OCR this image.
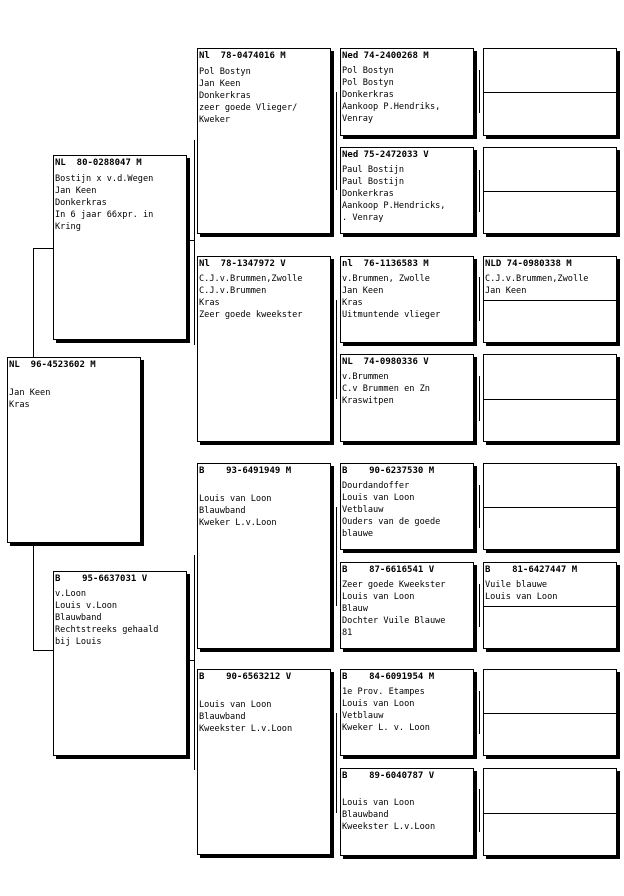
NL  96-4523602 M
Jan Keen
Kras
NL  80-0288047 M
Bostijn x v.d.Wegen
Jan Keen
Donkerkras
In 6 jaar 66xpr. in
Kring
B    95-6637031 V
v.Loon
Louis v.Loon
Blauwband
Rechtstreeks gehaald
bij Louis
Nl  78-0474016 M
Pol Bostyn
Jan Keen
Donkerkras
zeer goede Vlieger/
Kweker
Nl  78-1347972 V
C.J.v.Brummen,Zwolle
C.J.v.Brummen
Kras
Zeer goede kweekster
B    93-6491949 M
Louis van Loon
Blauwband
Kweker L.v.Loon
B    90-6563212 V
Louis van Loon
Blauwband
Kweekster L.v.Loon
Ned 74-2400268 M
Pol Bostyn
Pol Bostyn
Donkerkras
Aankoop P.Hendriks,
Venray
Ned 75-2472033 V
Paul Bostijn
Paul Bostijn
Donkerkras
Aankoop P.Hendricks,
. Venray
nl  76-1136583 M
v.Brummen, Zwolle
Jan Keen
Kras
Uitmuntende vlieger
NL  74-0980336 V
v.Brummen
C.v Brummen en Zn
Kraswitpen
B    90-6237530 M
Dourdandoffer
Louis van Loon
Vetblauw
Ouders van de goede
blauwe
B    87-6616541 V
Zeer goede Kweekster
Louis van Loon
Blauw
Dochter Vuile Blauwe
81
B    84-6091954 M
1e Prov. Etampes
Louis van Loon
Vetblauw
Kweker L. v. Loon
B    89-6040787 V
Louis van Loon
Blauwband
Kweekster L.v.Loon
NLD 74-0980338 M
C.J.v.Brummen,Zwolle
Jan Keen
B    81-6427447 M
Vuile blauwe
Louis van Loon
